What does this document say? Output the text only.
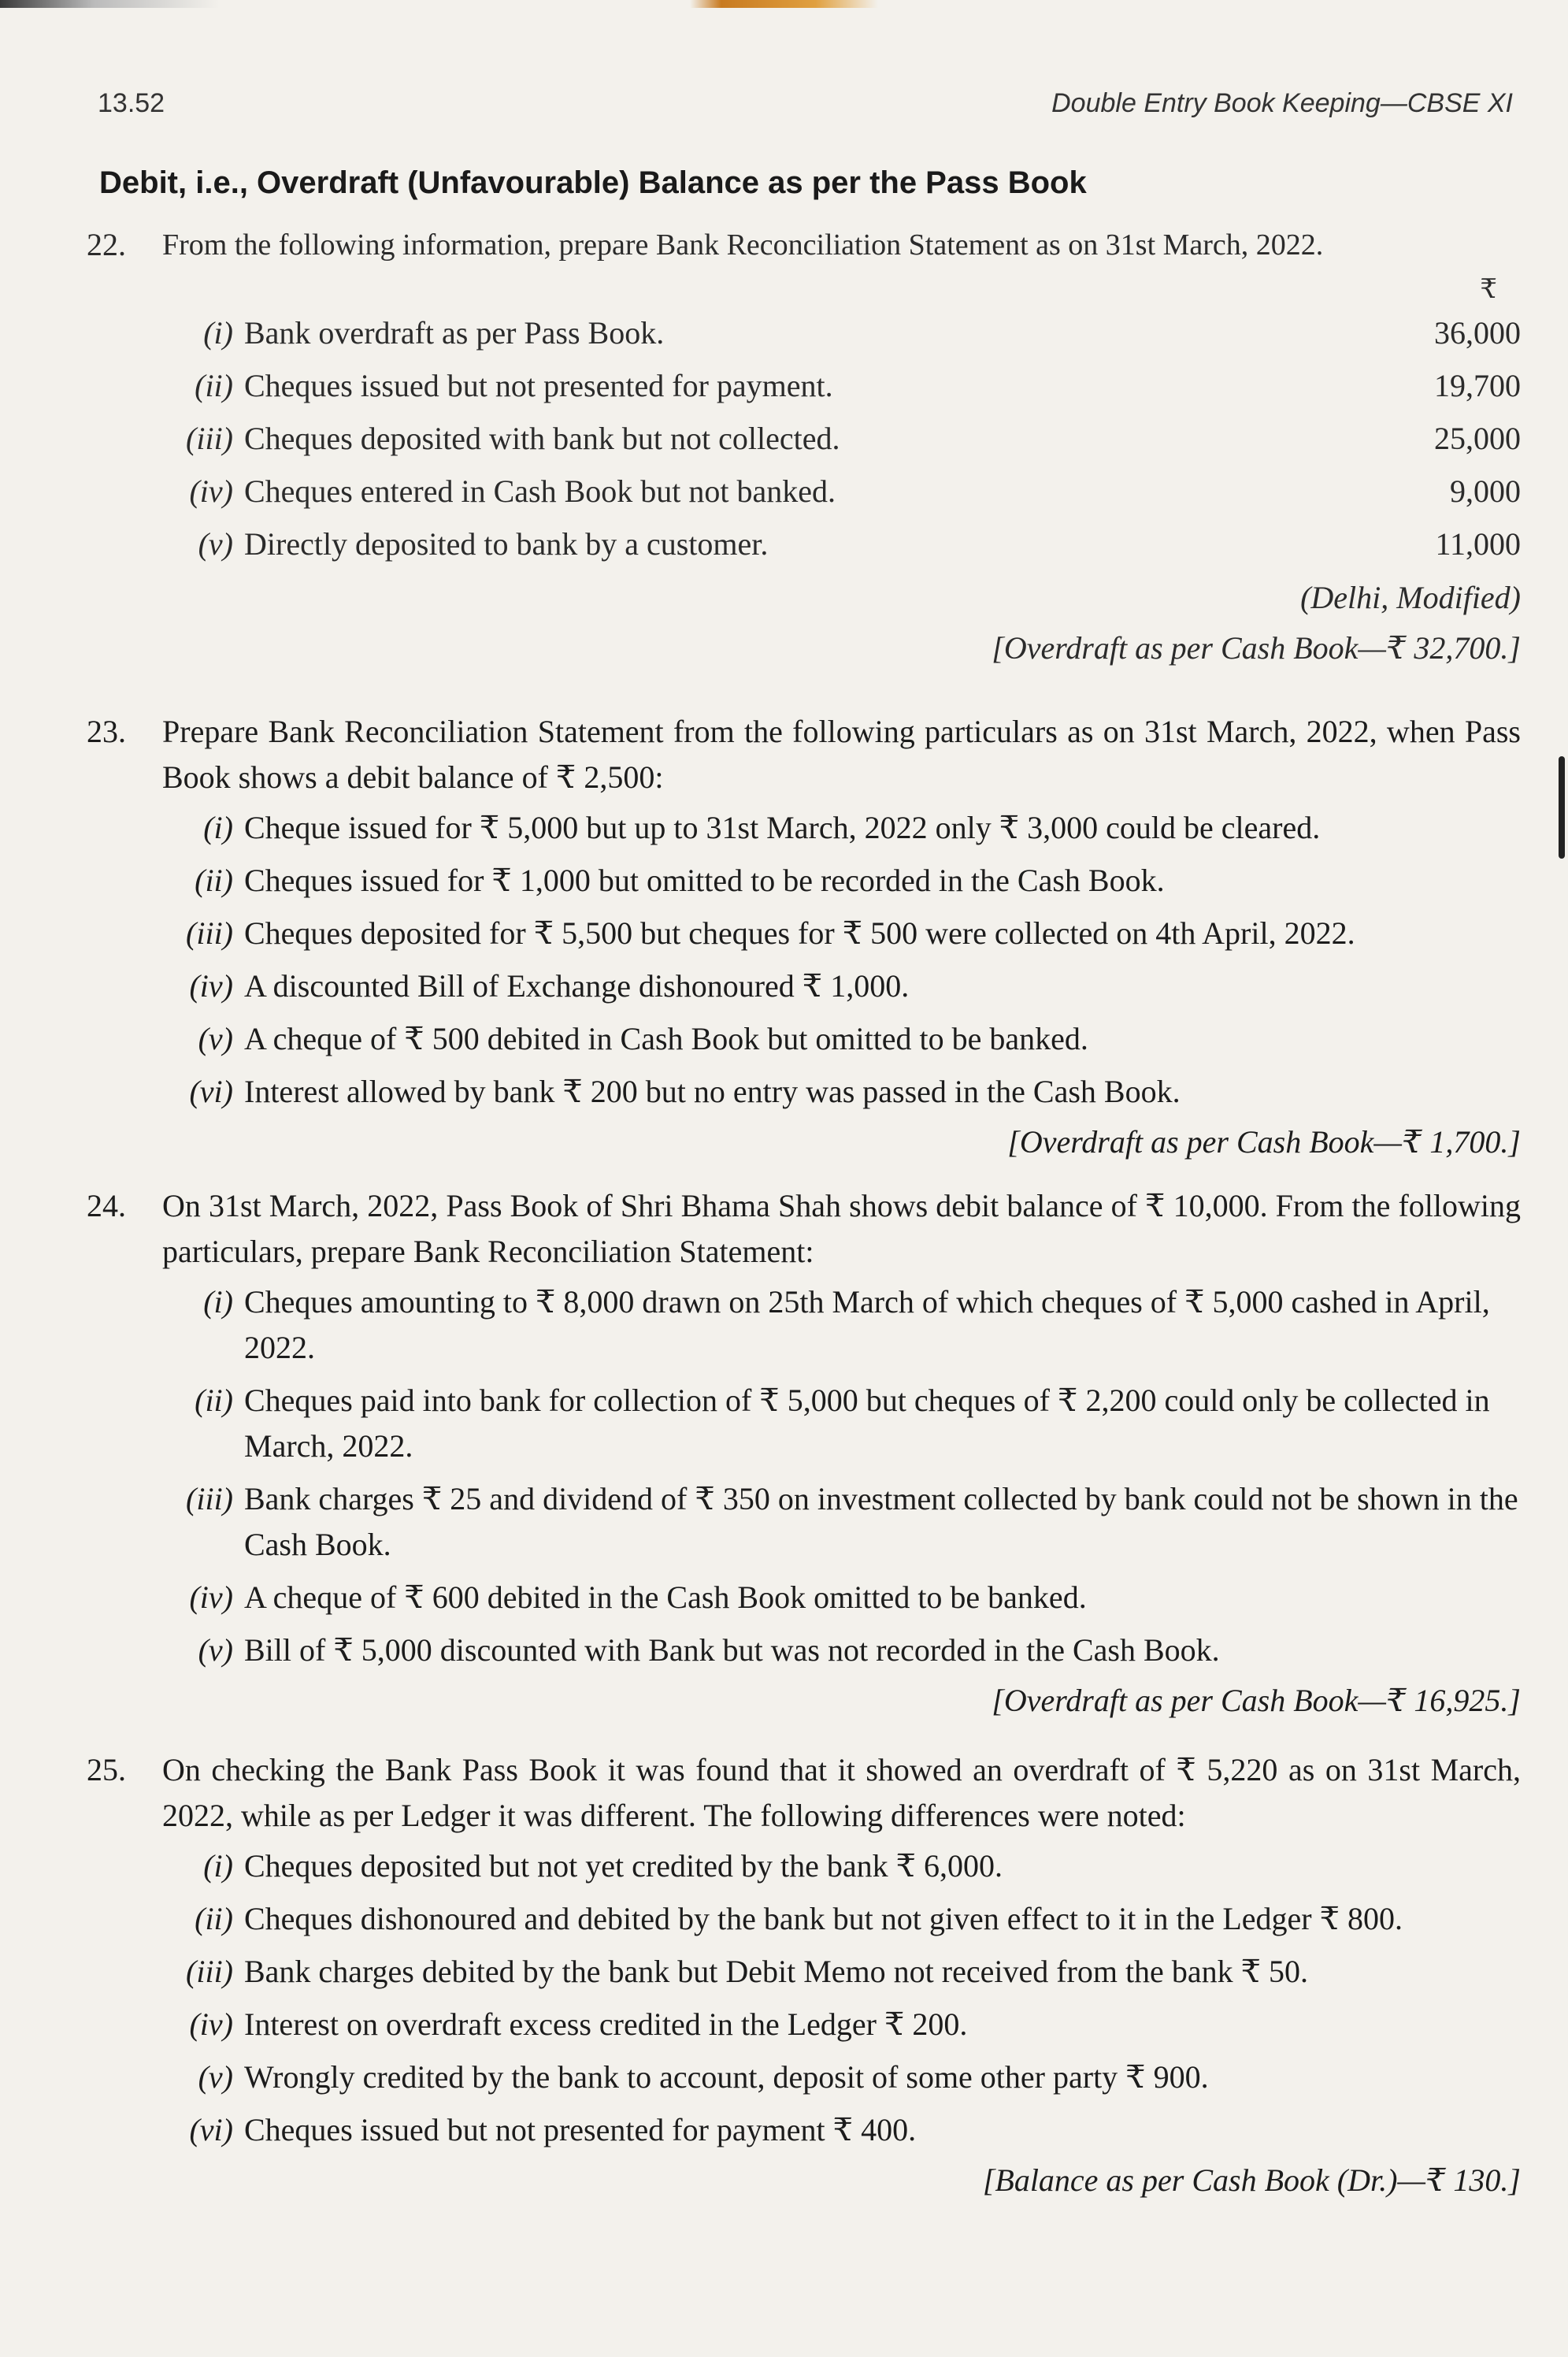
13.52	Double Entry Book Keeping—CBSE XI
Debit, i.e., Overdraft (Unfavourable) Balance as per the Pass Book
22.	From the following information, prepare Bank Reconciliation Statement as on 31st March, 2022.
₹
(i) Bank overdraft as per Pass Book.	36,000
(ii) Cheques issued but not presented for payment.	19,700
(iii) Cheques deposited with bank but not collected.	25,000
(iv) Cheques entered in Cash Book but not banked.	9,000
(v) Directly deposited to bank by a customer.	11,000
(Delhi, Modified)
[Overdraft as per Cash Book—₹ 32,700.]
23.	Prepare Bank Reconciliation Statement from the following particulars as on 31st March, 2022, when Pass Book shows a debit balance of ₹ 2,500:
(i) Cheque issued for ₹ 5,000 but up to 31st March, 2022 only ₹ 3,000 could be cleared.
(ii) Cheques issued for ₹ 1,000 but omitted to be recorded in the Cash Book.
(iii) Cheques deposited for ₹ 5,500 but cheques for ₹ 500 were collected on 4th April, 2022.
(iv) A discounted Bill of Exchange dishonoured ₹ 1,000.
(v) A cheque of ₹ 500 debited in Cash Book but omitted to be banked.
(vi) Interest allowed by bank ₹ 200 but no entry was passed in the Cash Book.
[Overdraft as per Cash Book—₹ 1,700.]
24.	On 31st March, 2022, Pass Book of Shri Bhama Shah shows debit balance of ₹ 10,000. From the following particulars, prepare Bank Reconciliation Statement:
(i) Cheques amounting to ₹ 8,000 drawn on 25th March of which cheques of ₹ 5,000 cashed in April, 2022.
(ii) Cheques paid into bank for collection of ₹ 5,000 but cheques of ₹ 2,200 could only be collected in March, 2022.
(iii) Bank charges ₹ 25 and dividend of ₹ 350 on investment collected by bank could not be shown in the Cash Book.
(iv) A cheque of ₹ 600 debited in the Cash Book omitted to be banked.
(v) Bill of ₹ 5,000 discounted with Bank but was not recorded in the Cash Book.
[Overdraft as per Cash Book—₹ 16,925.]
25.	On checking the Bank Pass Book it was found that it showed an overdraft of ₹ 5,220 as on 31st March, 2022, while as per Ledger it was different. The following differences were noted:
(i) Cheques deposited but not yet credited by the bank ₹ 6,000.
(ii) Cheques dishonoured and debited by the bank but not given effect to it in the Ledger ₹ 800.
(iii) Bank charges debited by the bank but Debit Memo not received from the bank ₹ 50.
(iv) Interest on overdraft excess credited in the Ledger ₹ 200.
(v) Wrongly credited by the bank to account, deposit of some other party ₹ 900.
(vi) Cheques issued but not presented for payment ₹ 400.
[Balance as per Cash Book (Dr.)—₹ 130.]
